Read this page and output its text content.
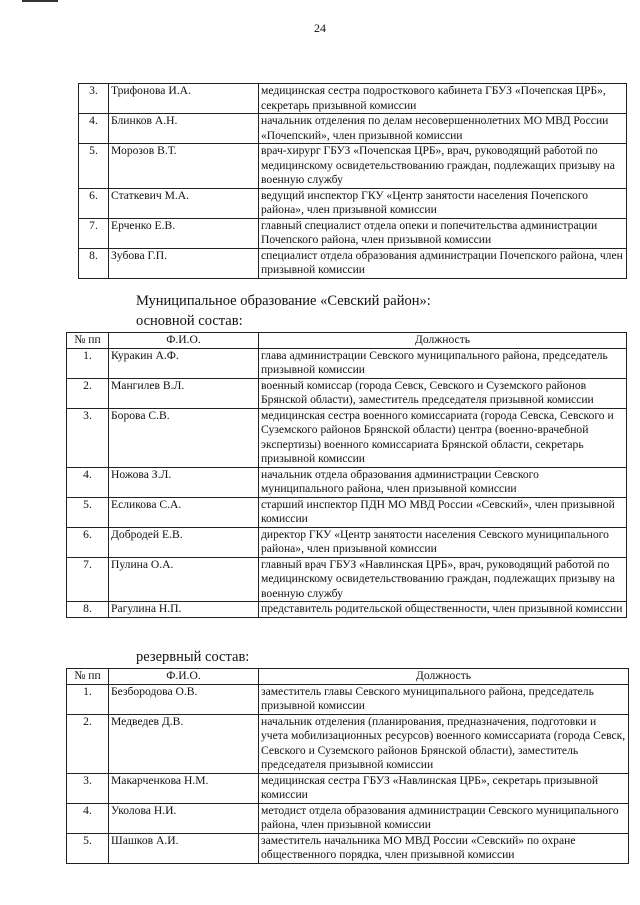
24
3.	Трифонова И.А.	медицинская сестра подросткового кабинета ГБУЗ «Почепская ЦРБ», секретарь призывной комиссии
4.	Блинков А.Н.	начальник отделения по делам несовершеннолетних МО МВД России «Почепский», член призывной комиссии
5.	Морозов В.Т.	врач-хирург ГБУЗ «Почепская ЦРБ», врач, руководящий работой по медицинскому освидетельствованию граждан, подлежащих призыву на военную службу
6.	Статкевич М.А.	ведущий инспектор ГКУ «Центр занятости населения Почепского района», член призывной комиссии
7.	Ерченко Е.В.	главный специалист отдела опеки и попечительства администрации Почепского района, член призывной комиссии
8.	Зубова Г.П.	специалист отдела образования администрации Почепского района, член призывной комиссии
Муниципальное образование «Севский район»:
основной состав:
№ пп	Ф.И.О.	Должность
1.	Куракин А.Ф.	глава администрации Севского муниципального района, председатель призывной комиссии
2.	Мангилев В.Л.	военный комиссар (города Севск, Севского и Суземского районов Брянской области), заместитель председателя призывной комиссии
3.	Борова С.В.	медицинская сестра военного комиссариата (города Севска, Севского и Суземского районов Брянской области) центра (военно-врачебной экспертизы) военного комиссариата Брянской области, секретарь призывной комиссии
4.	Ножова З.Л.	начальник отдела образования администрации Севского муниципального района, член призывной комиссии
5.	Есликова С.А.	старший инспектор ПДН МО МВД России «Севский», член призывной комиссии
6.	Добродей Е.В.	директор ГКУ «Центр занятости населения Севского муниципального района», член призывной комиссии
7.	Пулина О.А.	главный врач ГБУЗ «Навлинская ЦРБ», врач, руководящий работой по медицинскому освидетельствованию граждан, подлежащих призыву на военную службу
8.	Рагулина Н.П.	представитель родительской общественности, член призывной комиссии
резервный состав:
№ пп	Ф.И.О.	Должность
1.	Безбородова О.В.	заместитель главы Севского муниципального района, председатель призывной комиссии
2.	Медведев Д.В.	начальник отделения (планирования, предназначения, подготовки и учета мобилизационных ресурсов) военного комиссариата (города Севск, Севского и Суземского районов Брянской области), заместитель председателя призывной комиссии
3.	Макарченкова Н.М.	медицинская сестра ГБУЗ «Навлинская ЦРБ», секретарь призывной комиссии
4.	Уколова Н.И.	методист отдела образования администрации Севского муниципального района, член призывной комиссии
5.	Шашков А.И.	заместитель начальника МО МВД России «Севский» по охране общественного порядка, член призывной комиссии
